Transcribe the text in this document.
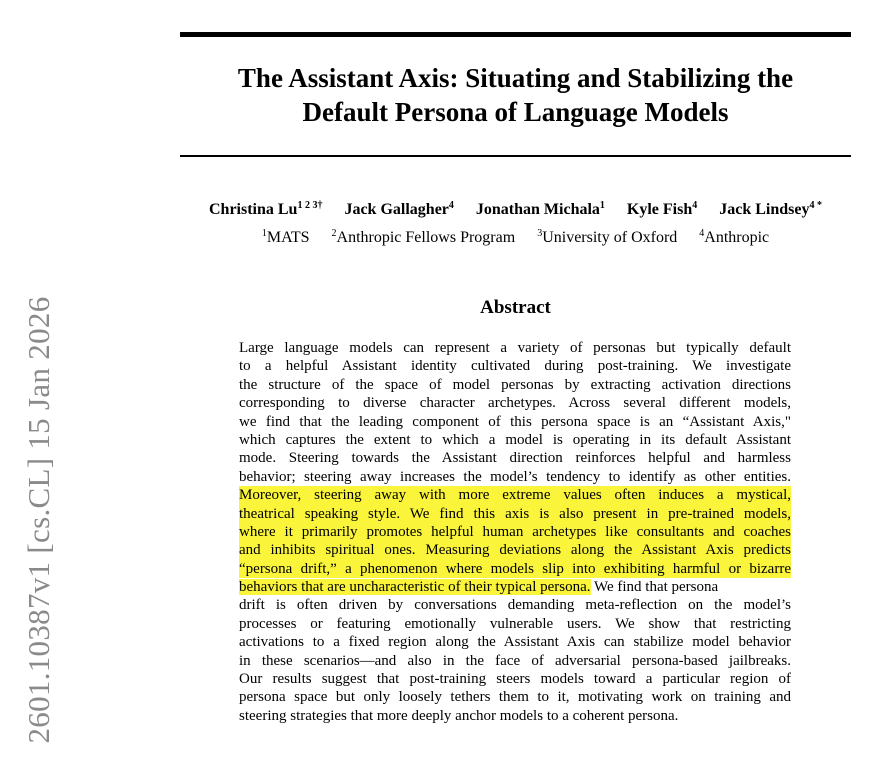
2601.10387v1 [cs.CL] 15 Jan 2026
The Assistant Axis: Situating and Stabilizing the
Default Persona of Language Models
Christina $Lu^{1 2 3\dagger}$ Jack Gallagher$^4$ Jonathan Michala$^1$ Kyle Fish$^4$ Jack Lindsey$^{4 *}$
$^1$MATS $^2$Anthropic Fellows Program $^3$University of Oxford $^4$Anthropic
Abstract
Large language models can represent a variety of personas but typically default
to a helpful Assistant identity cultivated during post-training. We investigate
the structure of the space of model personas by extracting activation directions
corresponding to diverse character archetypes. Across several different models,
we find that the leading component of this persona space is an “Assistant Axis,"
which captures the extent to which a model is operating in its default Assistant
mode. Steering towards the Assistant direction reinforces helpful and harmless
behavior; steering away increases the model’s tendency to identify as other entities.
Moreover, steering away with more extreme values often induces a mystical,
theatrical speaking style. We find this axis is also present in pre-trained models,
where it primarily promotes helpful human archetypes like consultants and coaches
and inhibits spiritual ones. Measuring deviations along the Assistant Axis predicts
“persona drift,” a phenomenon where models slip into exhibiting harmful or bizarre
behaviors that are uncharacteristic of their typical persona. We find that persona
drift is often driven by conversations demanding meta-reflection on the model’s
processes or featuring emotionally vulnerable users. We show that restricting
activations to a fixed region along the Assistant Axis can stabilize model behavior
in these scenarios—and also in the face of adversarial persona-based jailbreaks.
Our results suggest that post-training steers models toward a particular region of
persona space but only loosely tethers them to it, motivating work on training and
steering strategies that more deeply anchor models to a coherent persona.
